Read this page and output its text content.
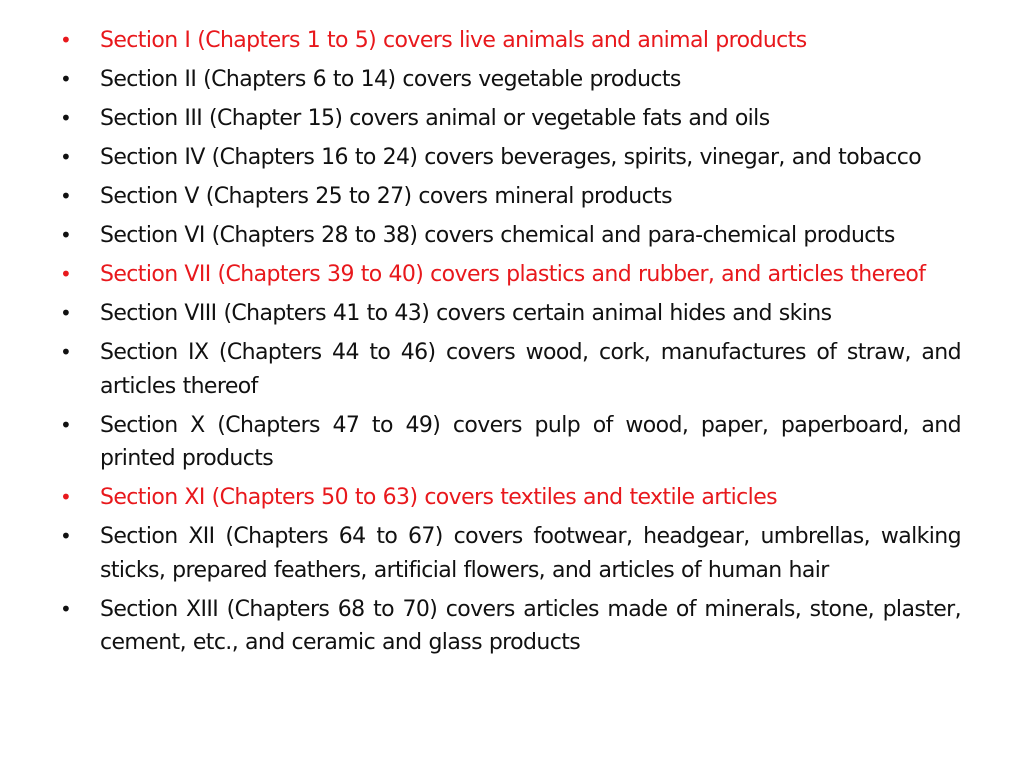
•	Section I (Chapters 1 to 5) covers live animals and animal products
•	Section II (Chapters 6 to 14) covers vegetable products
•	Section III (Chapter 15) covers animal or vegetable fats and oils
•	Section IV (Chapters 16 to 24) covers beverages, spirits, vinegar, and tobacco
•	Section V (Chapters 25 to 27) covers mineral products
•	Section VI (Chapters 28 to 38) covers chemical and para-chemical products
•	Section VII (Chapters 39 to 40) covers plastics and rubber, and articles thereof
•	Section VIII (Chapters 41 to 43) covers certain animal hides and skins
•	Section IX (Chapters 44 to 46) covers wood, cork, manufactures of straw, and articles thereof
•	Section X (Chapters 47 to 49) covers pulp of wood, paper, paperboard, and printed products
•	Section XI (Chapters 50 to 63) covers textiles and textile articles
•	Section XII (Chapters 64 to 67) covers footwear, headgear, umbrellas, walking sticks, prepared feathers, artificial flowers, and articles of human hair
•	Section XIII (Chapters 68 to 70) covers articles made of minerals, stone, plaster, cement, etc., and ceramic and glass products
